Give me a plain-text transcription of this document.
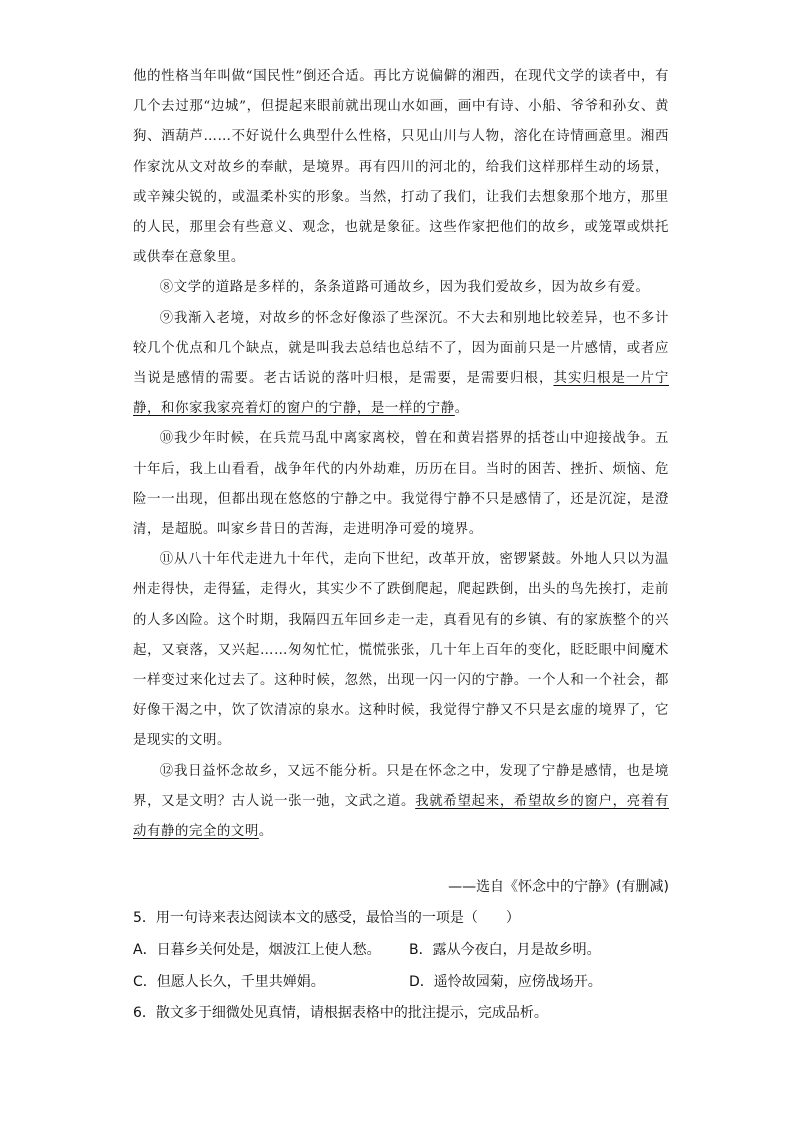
他的性格当年叫做“国民性”倒还合适。再比方说偏僻的湘西，在现代文学的读者中，有几个去过那“边城”，但提起来眼前就出现山水如画，画中有诗、小船、爷爷和孙女、黄狗、酒葫芦……不好说什么典型什么性格，只见山川与人物，溶化在诗情画意里。湘西作家沈从文对故乡的奉献，是境界。再有四川的河北的，给我们这样那样生动的场景，或辛辣尖锐的，或温柔朴实的形象。当然，打动了我们，让我们去想象那个地方，那里的人民，那里会有些意义、观念，也就是象征。这些作家把他们的故乡，或笼罩或烘托或供奉在意象里。

⑧文学的道路是多样的，条条道路可通故乡，因为我们爱故乡，因为故乡有爱。

⑨我渐入老境，对故乡的怀念好像添了些深沉。不大去和别地比较差异，也不多计较几个优点和几个缺点，就是叫我去总结也总结不了，因为面前只是一片感情，或者应当说是感情的需要。老古话说的落叶归根，是需要，是需要归根，其实归根是一片宁静，和你家我家亮着灯的窗户的宁静，是一样的宁静。

⑩我少年时候，在兵荒马乱中离家离校，曾在和黄岩搭界的括苍山中迎接战争。五十年后，我上山看看，战争年代的内外劫难，历历在目。当时的困苦、挫折、烦恼、危险一一出现，但都出现在悠悠的宁静之中。我觉得宁静不只是感情了，还是沉淀，是澄清，是超脱。叫家乡昔日的苦海，走进明净可爱的境界。

⑪从八十年代走进九十年代，走向下世纪，改革开放，密锣紧鼓。外地人只以为温州走得快，走得猛，走得火，其实少不了跌倒爬起，爬起跌倒，出头的鸟先挨打，走前的人多凶险。这个时期，我隔四五年回乡走一走，真看见有的乡镇、有的家族整个的兴起，又衰落，又兴起……匆匆忙忙，慌慌张张，几十年上百年的变化，眨眨眼中间魔术一样变过来化过去了。这种时候，忽然，出现一闪一闪的宁静。一个人和一个社会，都好像干渴之中，饮了饮清凉的泉水。这种时候，我觉得宁静又不只是玄虚的境界了，它是现实的文明。

⑫我日益怀念故乡，又远不能分析。只是在怀念之中，发现了宁静是感情，也是境界，又是文明？古人说一张一弛，文武之道。我就希望起来，希望故乡的窗户，亮着有动有静的完全的文明。

——选自《怀念中的宁静》(有删减)
5．用一句诗来表达阅读本文的感受，最恰当的一项是（　　）
A．日暮乡关何处是，烟波江上使人愁。 B．露从今夜白，月是故乡明。
C．但愿人长久，千里共婵娟。	D．遥怜故园菊，应傍战场开。
6．散文多于细微处见真情，请根据表格中的批注提示，完成品析。
